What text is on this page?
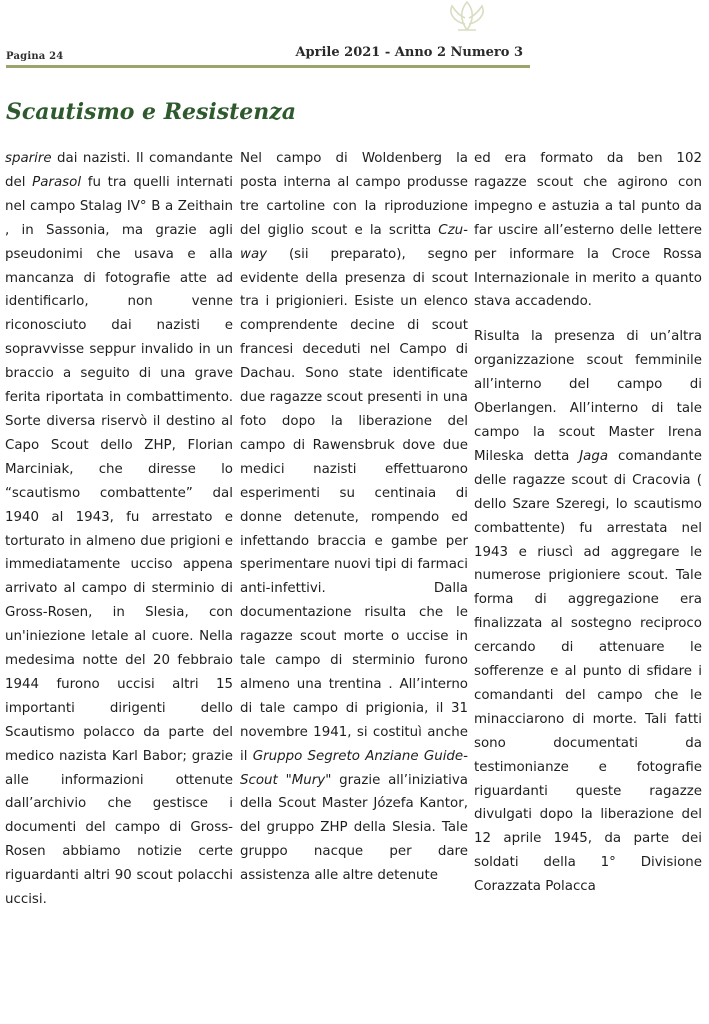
Pagina 24	Aprile 2021 - Anno 2 Numero 3

Scautismo e Resistenza

sparire dai nazisti. Il comandante del Parasol fu tra quelli internati nel campo Stalag IV° B a Zeithain , in Sassonia, ma grazie agli pseudonimi che usava e alla mancanza di fotografie atte ad identificarlo, non venne riconosciuto dai nazisti e sopravvisse seppur invalido in un braccio a seguito di una grave ferita riportata in combattimento. Sorte diversa riservò il destino al Capo Scout dello ZHP, Florian Marciniak, che diresse lo “scautismo combattente” dal 1940 al 1943, fu arrestato e torturato in almeno due prigioni e immediatamente ucciso appena arrivato al campo di sterminio di Gross-Rosen, in Slesia, con un'iniezione letale al cuore. Nella medesima notte del 20 febbraio 1944 furono uccisi altri 15 importanti dirigenti dello Scautismo polacco da parte del medico nazista Karl Babor; grazie alle informazioni ottenute dall’archivio che gestisce i documenti del campo di Gross-Rosen abbiamo notizie certe riguardanti altri 90 scout polacchi uccisi.

Nel campo di Woldenberg la posta interna al campo produsse tre cartoline con la riproduzione del giglio scout e la scritta Czu-way (sii preparato), segno evidente della presenza di scout tra i prigionieri. Esiste un elenco comprendente decine di scout francesi deceduti nel Campo di Dachau. Sono state identificate due ragazze scout presenti in una foto dopo la liberazione del campo di Rawensbruk dove due medici nazisti effettuarono esperimenti su centinaia di donne detenute, rompendo ed infettando braccia e gambe per sperimentare nuovi tipi di farmaci anti-infettivi. Dalla documentazione risulta che le ragazze scout morte o uccise in tale campo di sterminio furono almeno una trentina . All’interno di tale campo di prigionia, il 31 novembre 1941, si costituì anche il Gruppo Segreto Anziane Guide-Scout "Mury" grazie all’iniziativa della Scout Master Józefa Kantor, del gruppo ZHP della Slesia. Tale gruppo nacque per dare assistenza alle altre detenute

ed era formato da ben 102 ragazze scout che agirono con impegno e astuzia a tal punto da far uscire all’esterno delle lettere per informare la Croce Rossa Internazionale in merito a quanto stava accadendo.

Risulta la presenza di un’altra organizzazione scout femminile all’interno del campo di Oberlangen. All’interno di tale campo la scout Master Irena Mileska detta Jaga comandante delle ragazze scout di Cracovia ( dello Szare Szeregi, lo scautismo combattente) fu arrestata nel 1943 e riuscì ad aggregare le numerose prigioniere scout. Tale forma di aggregazione era finalizzata al sostegno reciproco cercando di attenuare le sofferenze e al punto di sfidare i comandanti del campo che le minacciarono di morte. Tali fatti sono documentati da testimonianze e fotografie riguardanti queste ragazze divulgati dopo la liberazione del 12 aprile 1945, da parte dei soldati della 1° Divisione Corazzata Polacca
